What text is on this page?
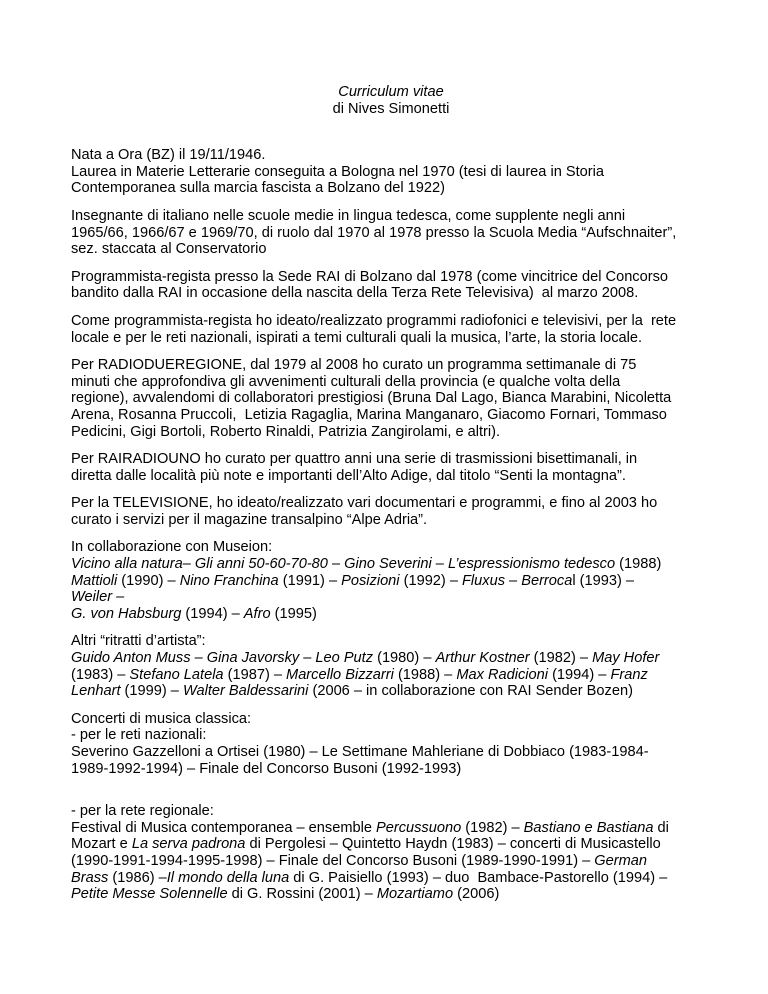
Curriculum vitae
di Nives Simonetti
Nata a Ora (BZ) il 19/11/1946.
Laurea in Materie Letterarie conseguita a Bologna nel 1970 (tesi di laurea in Storia
Contemporanea sulla marcia fascista a Bolzano del 1922)
Insegnante di italiano nelle scuole medie in lingua tedesca, come supplente negli anni
1965/66, 1966/67 e 1969/70, di ruolo dal 1970 al 1978 presso la Scuola Media “Aufschnaiter”,
sez. staccata al Conservatorio
Programmista-regista presso la Sede RAI di Bolzano dal 1978 (come vincitrice del Concorso
bandito dalla RAI in occasione della nascita della Terza Rete Televisiva)  al marzo 2008.
Come programmista-regista ho ideato/realizzato programmi radiofonici e televisivi, per la  rete
locale e per le reti nazionali, ispirati a temi culturali quali la musica, l’arte, la storia locale.
Per RADIODUEREGIONE, dal 1979 al 2008 ho curato un programma settimanale di 75
minuti che approfondiva gli avvenimenti culturali della provincia (e qualche volta della
regione), avvalendomi di collaboratori prestigiosi (Bruna Dal Lago, Bianca Marabini, Nicoletta
Arena, Rosanna Pruccoli,  Letizia Ragaglia, Marina Manganaro, Giacomo Fornari, Tommaso
Pedicini, Gigi Bortoli, Roberto Rinaldi, Patrizia Zangirolami, e altri).
Per RAIRADIOUNO ho curato per quattro anni una serie di trasmissioni bisettimanali, in
diretta dalle località più note e importanti dell’Alto Adige, dal titolo “Senti la montagna”.
Per la TELEVISIONE, ho ideato/realizzato vari documentari e programmi, e fino al 2003 ho
curato i servizi per il magazine transalpino “Alpe Adria”.
In collaborazione con Museion:
Vicino alla natura– Gli anni 50-60-70-80 – Gino Severini – L’espressionismo tedesco (1988)
Mattioli (1990) – Nino Franchina (1991) – Posizioni (1992) – Fluxus – Berrocal (1993) –
Weiler –
G. von Habsburg (1994) – Afro (1995)
Altri “ritratti d’artista”:
Guido Anton Muss – Gina Javorsky – Leo Putz (1980) – Arthur Kostner (1982) – May Hofer
(1983) – Stefano Latela (1987) – Marcello Bizzarri (1988) – Max Radicioni (1994) – Franz
Lenhart (1999) – Walter Baldessarini (2006 – in collaborazione con RAI Sender Bozen)
Concerti di musica classica:
- per le reti nazionali:
Severino Gazzelloni a Ortisei (1980) – Le Settimane Mahleriane di Dobbiaco (1983-1984-
1989-1992-1994) – Finale del Concorso Busoni (1992-1993)
- per la rete regionale:
Festival di Musica contemporanea – ensemble Percussuono (1982) – Bastiano e Bastiana di
Mozart e La serva padrona di Pergolesi – Quintetto Haydn (1983) – concerti di Musicastello
(1990-1991-1994-1995-1998) – Finale del Concorso Busoni (1989-1990-1991) – German
Brass (1986) –Il mondo della luna di G. Paisiello (1993) – duo  Bambace-Pastorello (1994) –
Petite Messe Solennelle di G. Rossini (2001) – Mozartiamo (2006)
